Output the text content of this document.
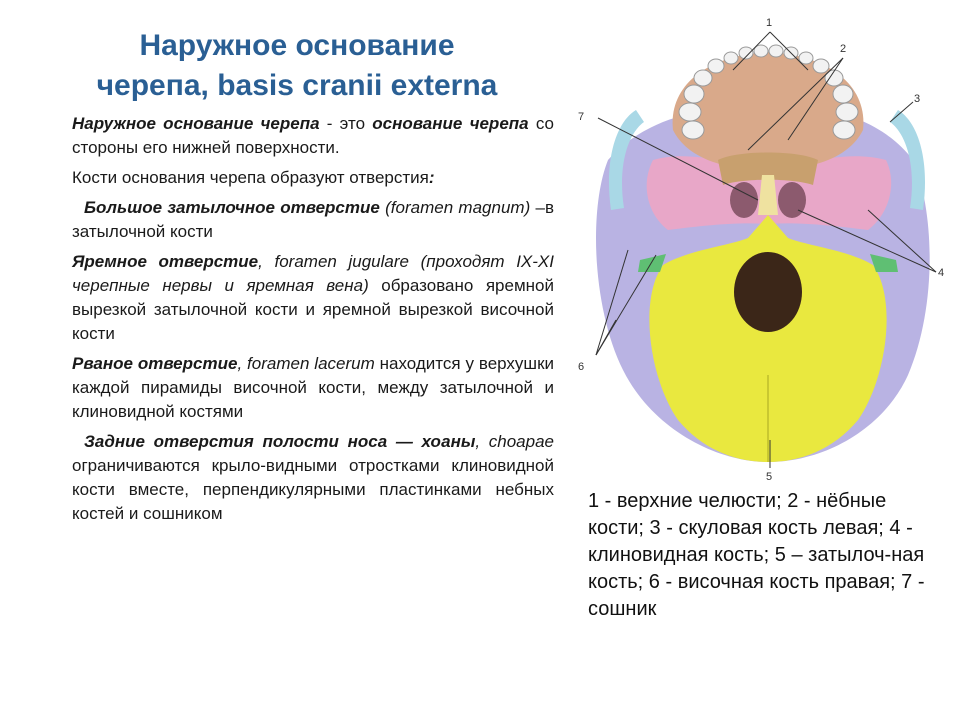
Наружное основание
черепа, basis cranii externa

Наружное основание черепа - это основание черепа со стороны его нижней поверхности.

Кости основания черепа образуют отверстия:

Большое затылочное отверстие (foramen magnum) –в затылочной кости

Яремное отверстие, foramen jugulare (проходят IX-XI черепные нервы и яремная вена) образовано яремной вырезкой затылочной кости и яремной вырезкой височной кости

Рваное отверстие, foramen lacerum находится у верхушки каждой пирамиды височной кости, между затылочной и клиновидной костями

Задние отверстия полости носа — хоаны, choapae ограничиваются крыло-видными отростками клиновидной кости вместе, перпендикулярными пластинками небных костей и сошником

1
2
3
4
5
6
7
1 - верхние челюсти; 2 - нёбные кости; 3 - скуловая кость левая; 4 - клиновидная кость; 5 – затылоч-ная кость; 6 - височная кость правая; 7 - сошник
